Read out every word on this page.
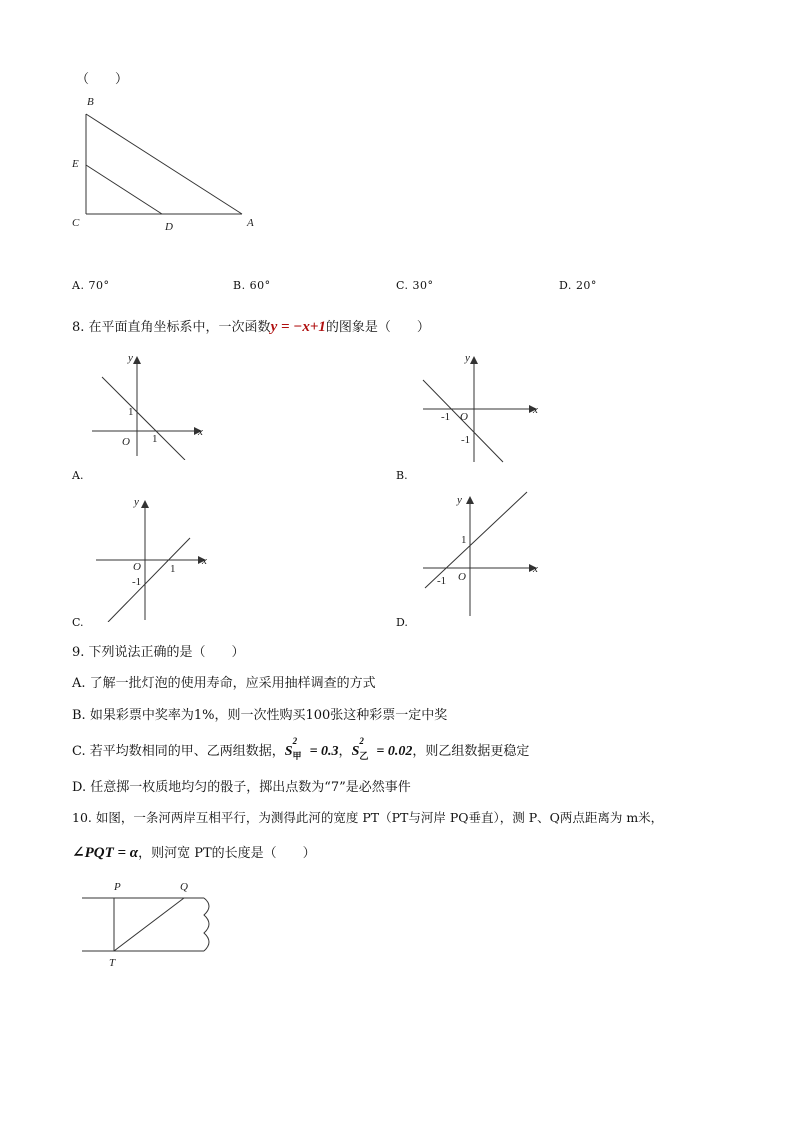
（　　）
B
E
C	D	A
A. 70°	B. 60°	C. 30°	D. 20°
8. 在平面直角坐标系中，一次函数y = −x+1的图象是（　　）
y
x
O
1
1
A.
y
x
O
-1
-1
B.
y
x
O
-1
1
C.
y
x
O
1
-1
D.
9. 下列说法正确的是（　　）
A. 了解一批灯泡的使用寿命，应采用抽样调查的方式
B. 如果彩票中奖率为1%，则一次性购买100张这种彩票一定中奖
C. 若平均数相同的甲、乙两组数据，$S_甲^2 = 0.3$，$S_乙^2 = 0.02$，则乙组数据更稳定
D. 任意掷一枚质地均匀的骰子，掷出点数为“7”是必然事件
10. 如图，一条河两岸互相平行，为测得此河的宽度 PT（PT与河岸 PQ垂直），测 P、Q两点距离为 m米，
∠PQT = α，则河宽 PT的长度是（　　）
P	Q
T
